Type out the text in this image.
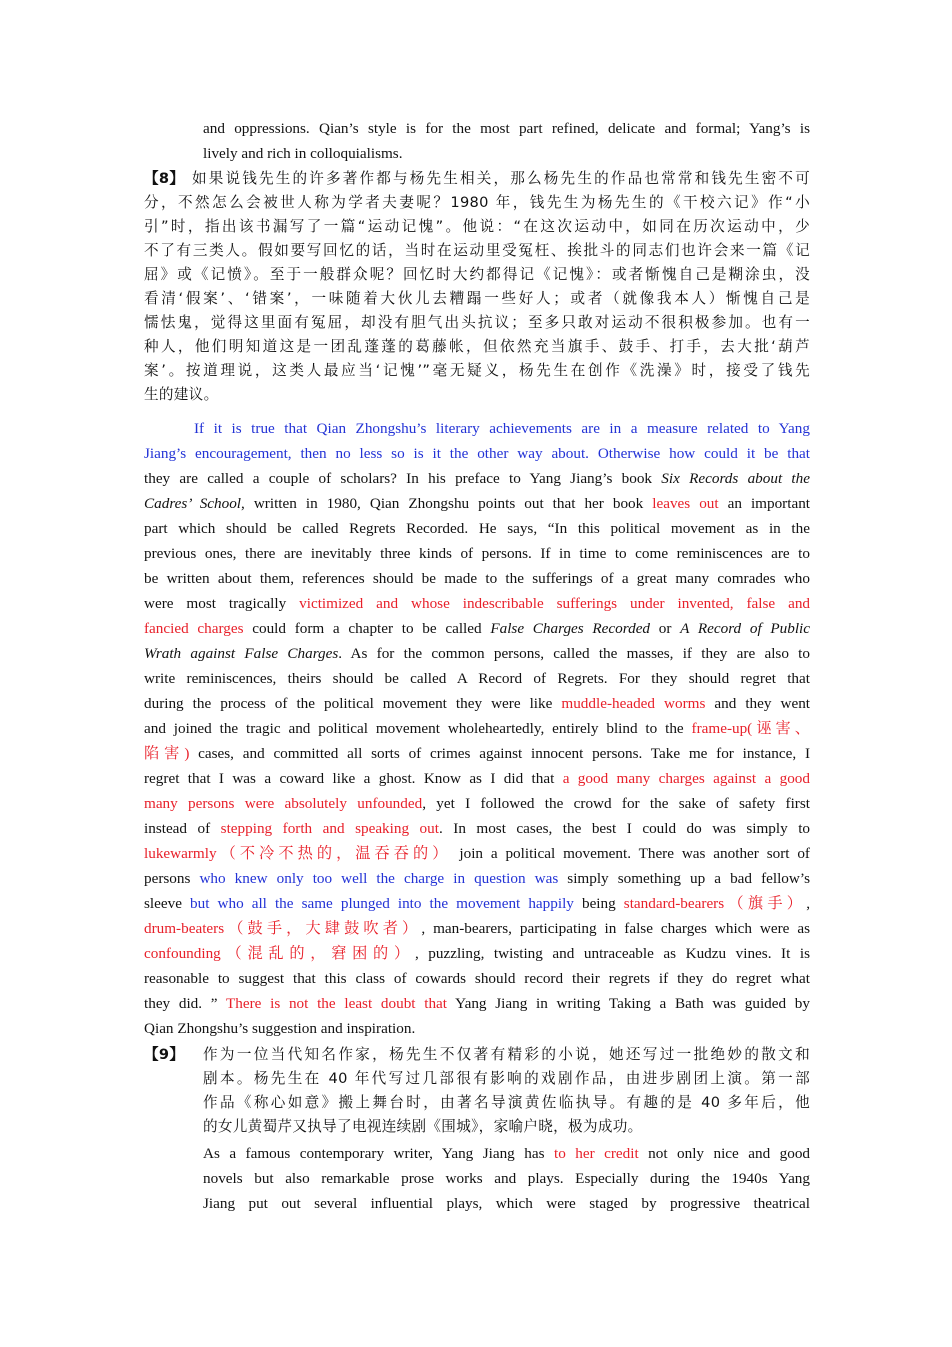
and oppressions. Qian’s style is for the most part refined, delicate and formal; Yang’s is

lively and rich in colloquialisms.

【8】 如果说钱先生的许多著作都与杨先生相关，那么杨先生的作品也常常和钱先生密不可

分，不然怎么会被世人称为学者夫妻呢？1980 年，钱先生为杨先生的《干校六记》作“小

引”时，指出该书漏写了一篇“运动记愧”。他说：“在这次运动中，如同在历次运动中，少

不了有三类人。假如要写回忆的话，当时在运动里受冤枉、挨批斗的同志们也许会来一篇《记

屈》或《记愤》。至于一般群众呢？回忆时大约都得记《记愧》：或者惭愧自己是糊涂虫，没

看清‘假案’、‘错案’，一味随着大伙儿去糟蹋一些好人；或者（就像我本人）惭愧自己是

懦怯鬼，觉得这里面有冤屈，却没有胆气出头抗议；至多只敢对运动不很积极参加。也有一

种人，他们明知道这是一团乱蓬蓬的葛藤帐，但依然充当旗手、鼓手、打手，去大批‘葫芦

案’。按道理说，这类人最应当‘记愧’”毫无疑义，杨先生在创作《洗澡》时，接受了钱先

生的建议。

If it is true that Qian Zhongshu’s literary achievements are in a measure related to Yang

Jiang’s encouragement, then no less so is it the other way about. Otherwise how could it be that

they are called a couple of scholars? In his preface to Yang Jiang’s book Six Records about the

Cadres’ School, written in 1980, Qian Zhongshu points out that her book leaves out an important

part which should be called Regrets Recorded. He says, “In this political movement as in the

previous ones, there are inevitably three kinds of persons. If in time to come reminiscences are to

be written about them, references should be made to the sufferings of a great many comrades who

were most tragically victimized and whose indescribable sufferings under invented, false and

fancied charges could form a chapter to be called False Charges Recorded or A Record of Public

Wrath against False Charges. As for the common persons, called the masses, if they are also to

write reminiscences, theirs should be called A Record of Regrets. For they should regret that

during the process of the political movement they were like muddle-headed worms and they went

and joined the tragic and political movement wholeheartedly, entirely blind to the frame-up(诬害、

陷害) cases, and committed all sorts of crimes against innocent persons. Take me for instance, I

regret that I was a coward like a ghost. Know as I did that a good many charges against a good

many persons were absolutely unfounded, yet I followed the crowd for the sake of safety first

instead of stepping forth and speaking out. In most cases, the best I could do was simply to

lukewarmly（不冷不热的，温吞吞的） join a political movement. There was another sort of

persons who knew only too well the charge in question was simply something up a bad fellow’s

sleeve but who all the same plunged into the movement happily being standard-bearers（旗手）,

drum-beaters（鼓手，大肆鼓吹者）, man-bearers, participating in false charges which were as

confounding（混乱的，窘困的）, puzzling, twisting and untraceable as Kudzu vines. It is

reasonable to suggest that this class of cowards should record their regrets if they do regret what

they did. ” There is not the least doubt that Yang Jiang in writing Taking a Bath was guided by

Qian Zhongshu’s suggestion and inspiration.

【9】 作为一位当代知名作家，杨先生不仅著有精彩的小说，她还写过一批绝妙的散文和

剧本。杨先生在 40 年代写过几部很有影响的戏剧作品，由进步剧团上演。第一部

作品《称心如意》搬上舞台时，由著名导演黄佐临执导。有趣的是 40 多年后，他

的女儿黄蜀芹又执导了电视连续剧《围城》，家喻户晓，极为成功。

As a famous contemporary writer, Yang Jiang has to her credit not only nice and good

novels but also remarkable prose works and plays. Especially during the 1940s Yang

Jiang put out several influential plays, which were staged by progressive theatrical
